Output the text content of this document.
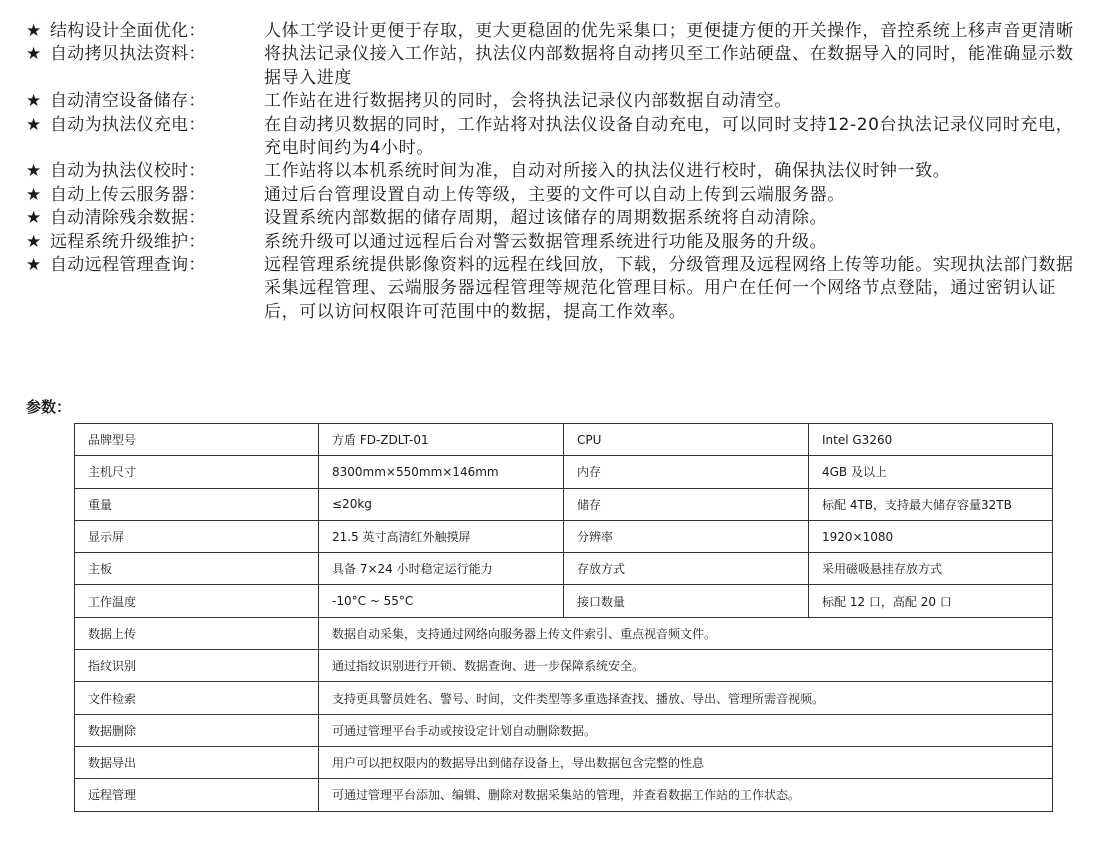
★ 结构设计全面优化：	人体工学设计更便于存取，更大更稳固的优先采集口；更便捷方便的开关操作，音控系统上移声音更清晰
★ 自动拷贝执法资料：	将执法记录仪接入工作站，执法仪内部数据将自动拷贝至工作站硬盘、在数据导入的同时，能准确显示数据导入进度
★ 自动清空设备储存：	工作站在进行数据拷贝的同时，会将执法记录仪内部数据自动清空。
★ 自动为执法仪充电：	在自动拷贝数据的同时，工作站将对执法仪设备自动充电，可以同时支持12-20台执法记录仪同时充电，充电时间约为4小时。
★ 自动为执法仪校时：	工作站将以本机系统时间为准，自动对所接入的执法仪进行校时，确保执法仪时钟一致。
★ 自动上传云服务器：	通过后台管理设置自动上传等级，主要的文件可以自动上传到云端服务器。
★ 自动清除残余数据：	设置系统内部数据的储存周期，超过该储存的周期数据系统将自动清除。
★ 远程系统升级维护：	系统升级可以通过远程后台对警云数据管理系统进行功能及服务的升级。
★ 自动远程管理查询：	远程管理系统提供影像资料的远程在线回放，下载，分级管理及远程网络上传等功能。实现执法部门数据采集远程管理、云端服务器远程管理等规范化管理目标。用户在任何一个网络节点登陆，通过密钥认证后，可以访问权限许可范围中的数据，提高工作效率。
参数：
品牌型号	方盾 FD-ZDLT-01	CPU	Intel G3260
主机尺寸	8300mm×550mm×146mm	内存	4GB 及以上
重量	≤20kg	储存	标配 4TB，支持最大储存容量32TB
显示屏	21.5 英寸高清红外触摸屏	分辨率	1920×1080
主板	具备 7×24 小时稳定运行能力	存放方式	采用磁吸悬挂存放方式
工作温度	-10°C ~ 55°C	接口数量	标配 12 口，高配 20 口
数据上传	数据自动采集，支持通过网络向服务器上传文件索引、重点视音频文件。		
指纹识别	通过指纹识别进行开锁、数据查询、进一步保障系统安全。		
文件检索	支持更具警员姓名、警号、时间，文件类型等多重选择查找、播放、导出、管理所需音视频。		
数据删除	可通过管理平台手动或按设定计划自动删除数据。		
数据导出	用户可以把权限内的数据导出到储存设备上，导出数据包含完整的性息		
远程管理	可通过管理平台添加、编辑、删除对数据采集站的管理，并查看数据工作站的工作状态。		
